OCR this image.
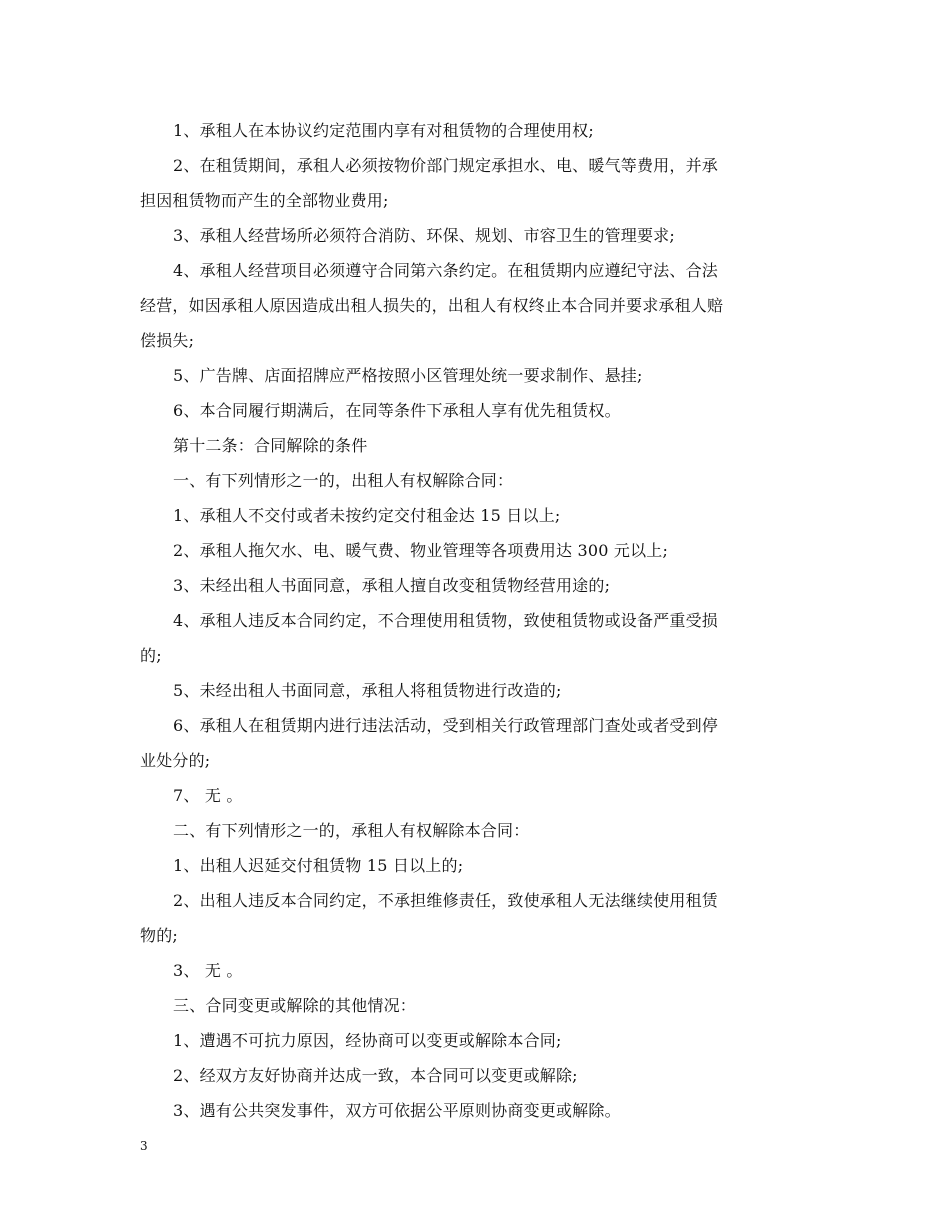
1、承租人在本协议约定范围内享有对租赁物的合理使用权;
2、在租赁期间，承租人必须按物价部门规定承担水、电、暖气等费用，并承
担因租赁物而产生的全部物业费用;
3、承租人经营场所必须符合消防、环保、规划、市容卫生的管理要求;
4、承租人经营项目必须遵守合同第六条约定。在租赁期内应遵纪守法、合法
经营，如因承租人原因造成出租人损失的，出租人有权终止本合同并要求承租人赔
偿损失;
5、广告牌、店面招牌应严格按照小区管理处统一要求制作、悬挂;
6、本合同履行期满后，在同等条件下承租人享有优先租赁权。
第十二条：合同解除的条件
一、有下列情形之一的，出租人有权解除合同：
1、承租人不交付或者未按约定交付租金达 15 日以上;
2、承租人拖欠水、电、暖气费、物业管理等各项费用达 300 元以上;
3、未经出租人书面同意，承租人擅自改变租赁物经营用途的;
4、承租人违反本合同约定，不合理使用租赁物，致使租赁物或设备严重受损
的;
5、未经出租人书面同意，承租人将租赁物进行改造的;
6、承租人在租赁期内进行违法活动，受到相关行政管理部门查处或者受到停
业处分的;
7、 无 。
二、有下列情形之一的，承租人有权解除本合同：
1、出租人迟延交付租赁物 15 日以上的;
2、出租人违反本合同约定，不承担维修责任，致使承租人无法继续使用租赁
物的;
3、 无 。
三、合同变更或解除的其他情况：
1、遭遇不可抗力原因，经协商可以变更或解除本合同;
2、经双方友好协商并达成一致，本合同可以变更或解除;
3、遇有公共突发事件，双方可依据公平原则协商变更或解除。
3
